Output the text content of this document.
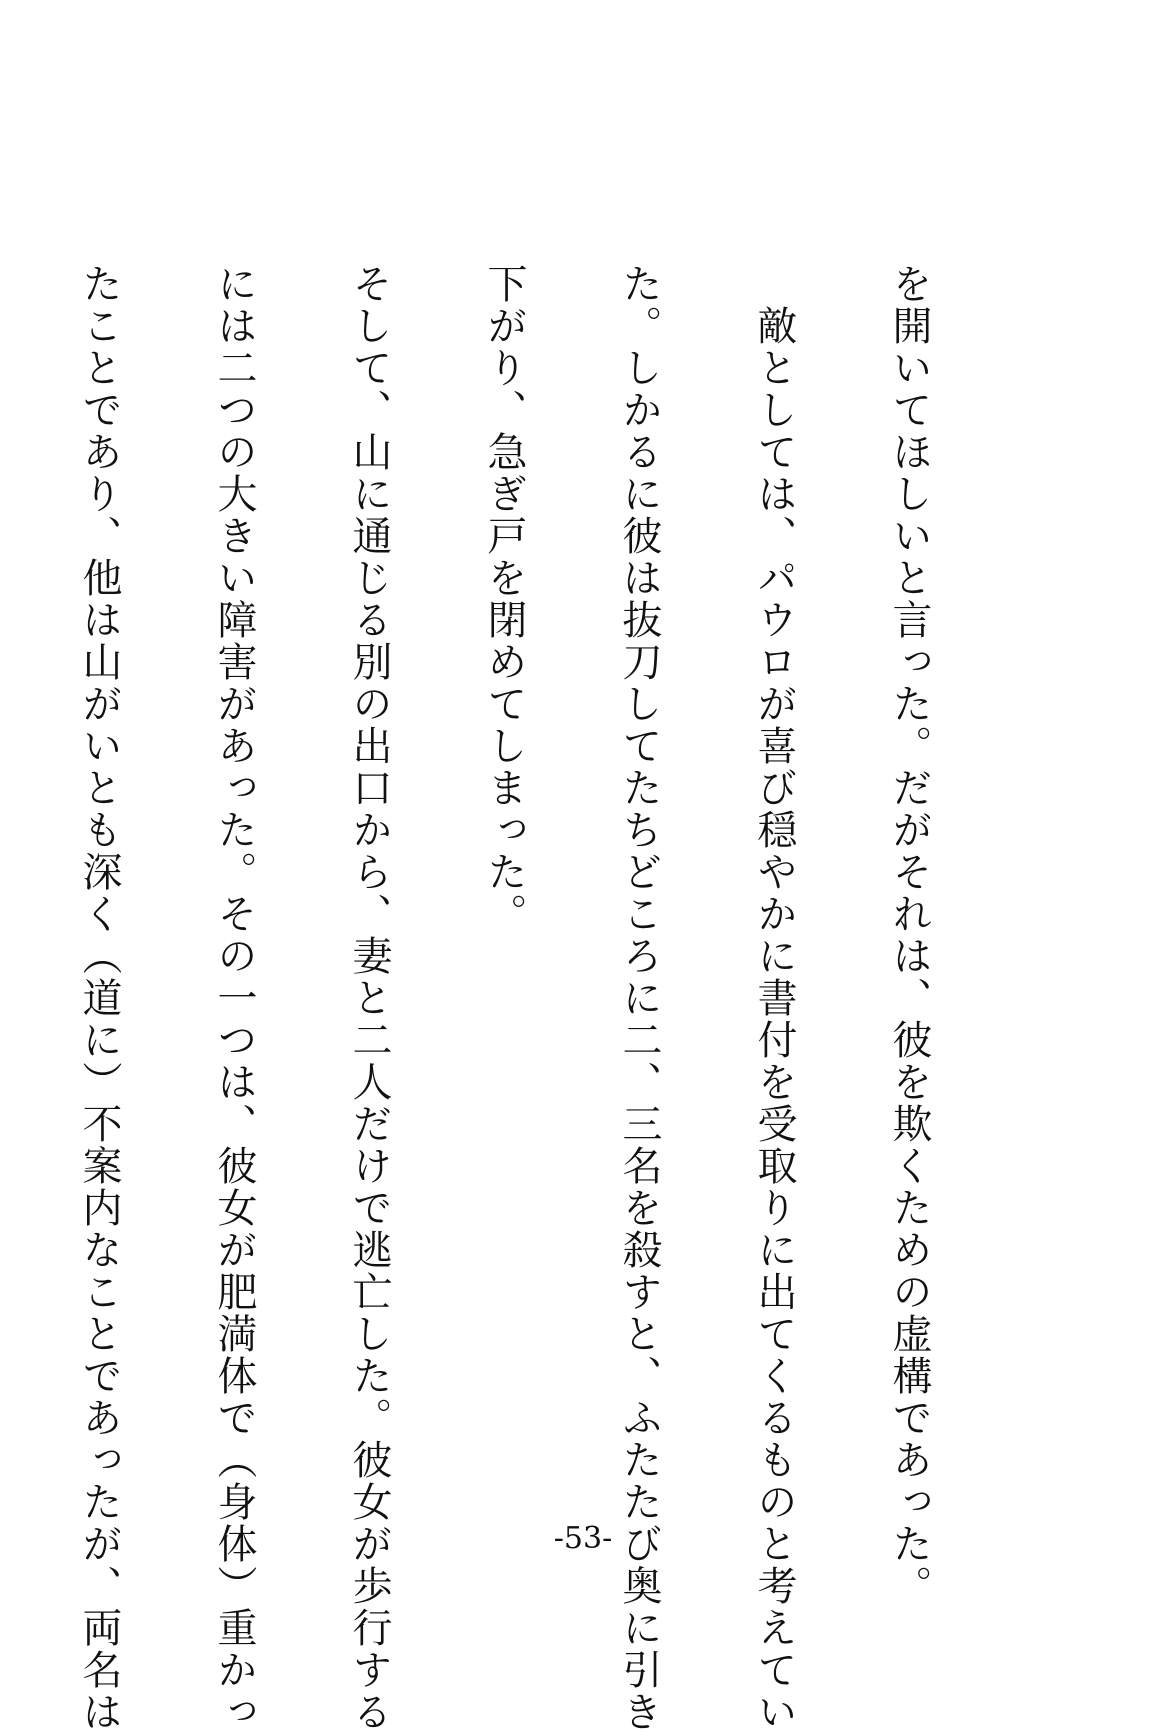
を開いてほしいと言った。だがそれは、彼を欺くための虚構であった。

　敵としては、パウロが喜び穏やかに書付を受取りに出てくるものと考えてい

た。しかるに彼は抜刀してたちどころに二、三名を殺すと、ふたたび奥に引き

下がり、急ぎ戸を閉めてしまった。

そして、山に通じる別の出口から、妻と二人だけで逃亡した。彼女が歩行する

には二つの大きい障害があった。その一つは、彼女が肥満体で（身体）重かっ

たことであり、他は山がいとも深く（道に）不案内なことであったが、両名は

	-53-
